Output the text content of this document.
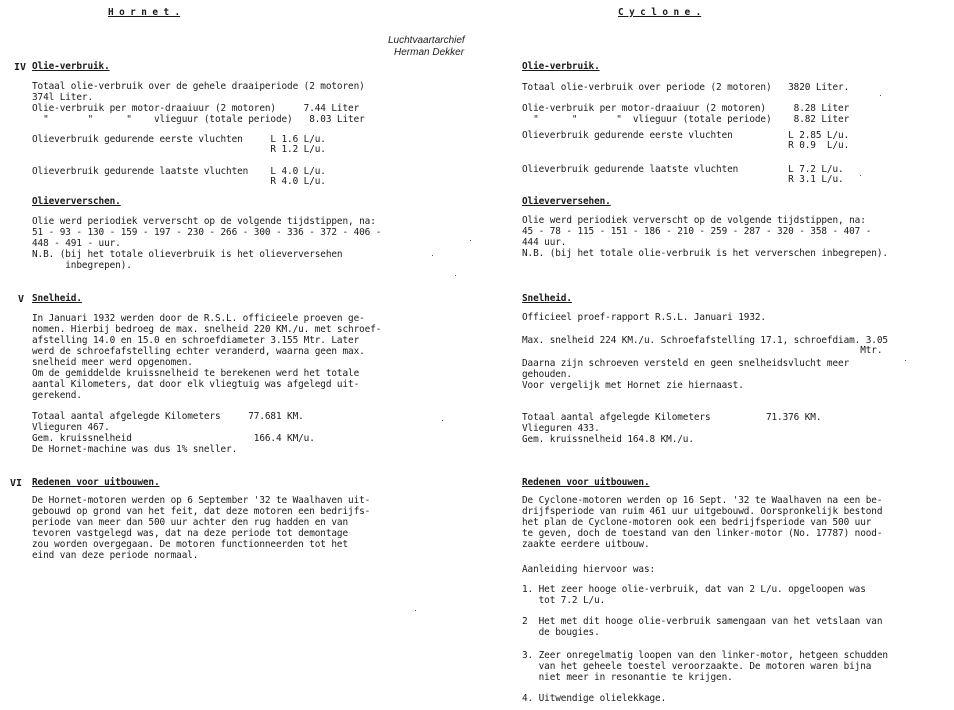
H o r n e t .
IV Olie-verbruik.
Totaal olie-verbruik over de gehele draaiperiode (2 motoren)
374l Liter.
Olie-verbruik per motor-draaiuur (2 motoren)     7.44 Liter
"       "      "    vlieguur (totale periode)   8.03 Liter
Olieverbruik gedurende eerste vluchten     L 1.6 L/u.
R 1.2 L/u.
Olieverbruik gedurende laatste vluchten    L 4.0 L/u.
R 4.0 L/u.
Olieververschen.
Olie werd periodiek ververscht op de volgende tijdstippen, na:
51 - 93 - 130 - 159 - 197 - 230 - 266 - 300 - 336 - 372 - 406 -
448 - 491 - uur.
N.B. (bij het totale olieverbruik is het olieverversehen
inbegrepen).
V Snelheid.
In Januari 1932 werden door de R.S.L. officieele proeven ge-
nomen. Hierbij bedroeg de max. snelheid 220 KM./u. met schroef-
afstelling 14.0 en 15.0 en schroefdiameter 3.155 Mtr. Later
werd de schroefafstelling echter veranderd, waarna geen max.
snelheid meer werd opgenomen.
Om de gemiddelde kruissnelheid te berekenen werd het totale
aantal Kilometers, dat door elk vliegtuig was afgelegd uit-
gerekend.
Totaal aantal afgelegde Kilometers     77.681 KM.
Vlieguren 467.
Gem. kruissnelheid                      166.4 KM/u.
De Hornet-machine was dus 1% sneller.
VI Redenen voor uitbouwen.
De Hornet-motoren werden op 6 September '32 te Waalhaven uit-
gebouwd op grond van het feit, dat deze motoren een bedrijfs-
periode van meer dan 500 uur achter den rug hadden en van
tevoren vastgelegd was, dat na deze periode tot demontage
zou worden overgegaan. De motoren functionneerden tot het
eind van deze periode normaal.
Luchtvaartarchief
Herman Dekker
C y c l o n e .
Olie-verbruik.
Totaal olie-verbruik over periode (2 motoren)   3820 Liter.
Olie-verbruik per motor-draaiuur (2 motoren)     8.28 Liter
"      "       "  vlieguur (totale periode)    8.82 Liter
Olieverbruik gedurende eerste vluchten          L 2.85 L/u.
R 0.9  L/u.
Olieverbruik gedurende laatste vluchten         L 7.2 L/u.
R 3.1 L/u.
Olieverversehen.
Olie werd periodiek ververscht op de volgende tijdstippen, na:
45 - 78 - 115 - 151 - 186 - 210 - 259 - 287 - 320 - 358 - 407 -
444 uur.
N.B. (bij het totale olie-verbruik is het ververschen inbegrepen).
Snelheid.
Officieel proef-rapport R.S.L. Januari 1932.
Max. snelheid 224 KM./u. Schroefafstelling 17.1, schroefdiam. 3.05
Mtr.
Daarna zijn schroeven versteld en geen snelheidsvlucht meer
gehouden.
Voor vergelijk met Hornet zie hiernaast.
Totaal aantal afgelegde Kilometers          71.376 KM.
Vlieguren 433.
Gem. kruissnelheid 164.8 KM./u.
Redenen voor uitbouwen.
De Cyclone-motoren werden op 16 Sept. '32 te Waalhaven na een be-
drijfsperiode van ruim 461 uur uitgebouwd. Oorspronkelijk bestond
het plan de Cyclone-motoren ook een bedrijfsperiode van 500 uur
te geven, doch de toestand van den linker-motor (No. 17787) nood-
zaakte eerdere uitbouw.
Aanleiding hiervoor was:
1. Het zeer hooge olie-verbruik, dat van 2 L/u. opgeloopen was
tot 7.2 L/u.
2  Het met dit hooge olie-verbruik samengaan van het vetslaan van
de bougies.
3. Zeer onregelmatig loopen van den linker-motor, hetgeen schudden
van het geheele toestel veroorzaakte. De motoren waren bijna
niet meer in resonantie te krijgen.
4. Uitwendige olielekkage.
